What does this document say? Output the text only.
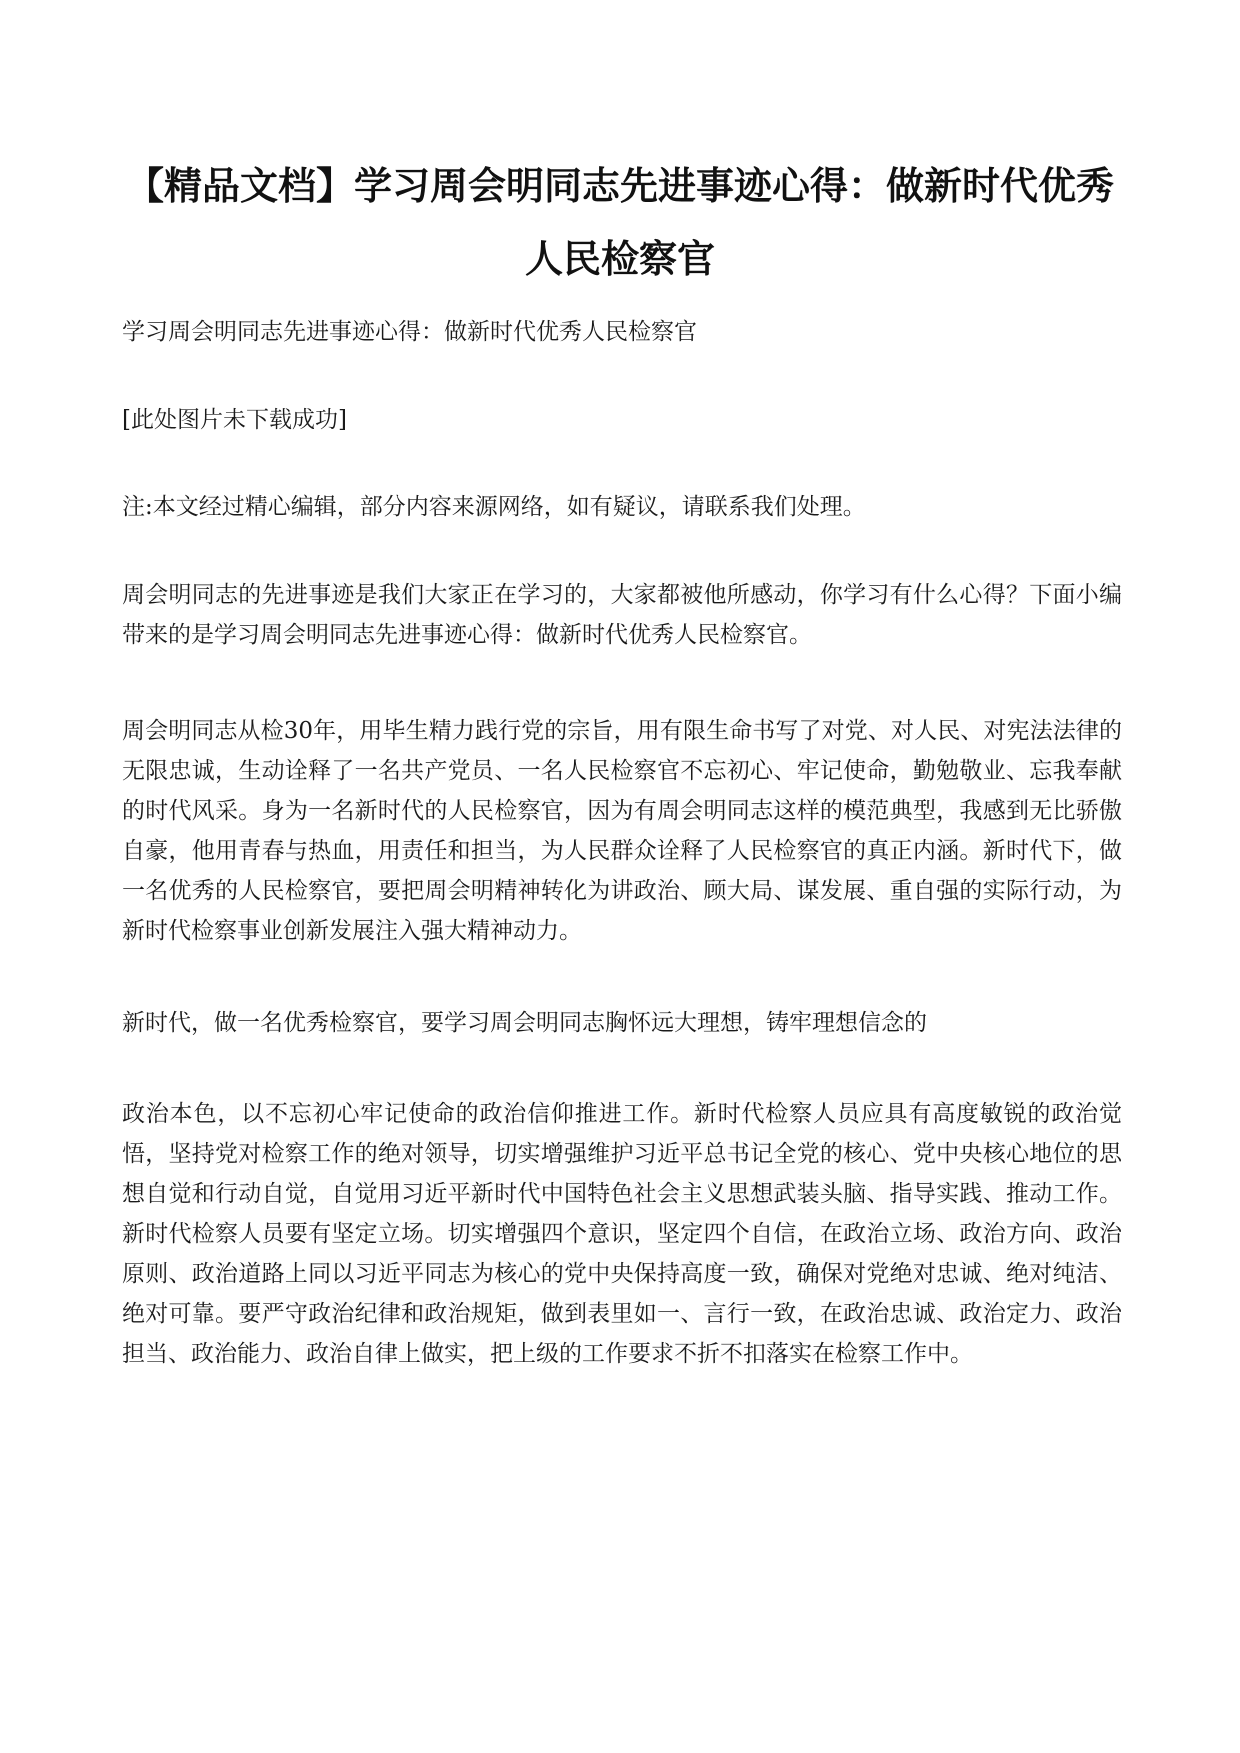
【精品文档】学习周会明同志先进事迹心得：做新时代优秀人民检察官

学习周会明同志先进事迹心得：做新时代优秀人民检察官

[此处图片未下载成功]

注:本文经过精心编辑，部分内容来源网络，如有疑议，请联系我们处理。

周会明同志的先进事迹是我们大家正在学习的，大家都被他所感动，你学习有什么心得？下面小编带来的是学习周会明同志先进事迹心得：做新时代优秀人民检察官。

周会明同志从检30年，用毕生精力践行党的宗旨，用有限生命书写了对党、对人民、对宪法法律的无限忠诚，生动诠释了一名共产党员、一名人民检察官不忘初心、牢记使命，勤勉敬业、忘我奉献的时代风采。身为一名新时代的人民检察官，因为有周会明同志这样的模范典型，我感到无比骄傲自豪，他用青春与热血，用责任和担当，为人民群众诠释了人民检察官的真正内涵。新时代下，做一名优秀的人民检察官，要把周会明精神转化为讲政治、顾大局、谋发展、重自强的实际行动，为新时代检察事业创新发展注入强大精神动力。

新时代，做一名优秀检察官，要学习周会明同志胸怀远大理想，铸牢理想信念的

政治本色，以不忘初心牢记使命的政治信仰推进工作。新时代检察人员应具有高度敏锐的政治觉悟，坚持党对检察工作的绝对领导，切实增强维护习近平总书记全党的核心、党中央核心地位的思想自觉和行动自觉，自觉用习近平新时代中国特色社会主义思想武装头脑、指导实践、推动工作。新时代检察人员要有坚定立场。切实增强四个意识，坚定四个自信，在政治立场、政治方向、政治原则、政治道路上同以习近平同志为核心的党中央保持高度一致，确保对党绝对忠诚、绝对纯洁、绝对可靠。要严守政治纪律和政治规矩，做到表里如一、言行一致，在政治忠诚、政治定力、政治担当、政治能力、政治自律上做实，把上级的工作要求不折不扣落实在检察工作中。
